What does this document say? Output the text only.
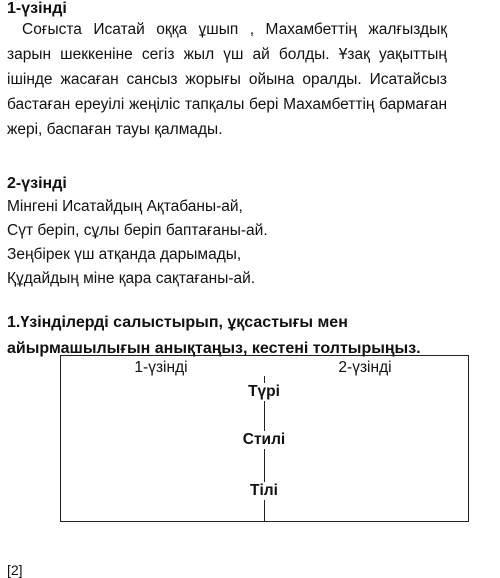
1-үзінді

Соғыста Исатай оққа ұшып , Махамбеттің жалғыздық зарын шеккеніне сегіз жыл үш ай болды. Ұзақ уақыттың ішінде жасаған сансыз жорығы ойына оралды. Исатайсыз бастаған ереуілі жеңіліс тапқалы бері Махамбеттің бармаған жері, баспаған тауы қалмады.

2-үзінді
Мінгені Исатайдың Ақтабаны-ай,
Сүт беріп, сұлы беріп баптағаны-ай.
Зеңбірек үш атқанда дарымады,
Құдайдың міне қара сақтағаны-ай.
1.Үзінділерді салыстырып, ұқсастығы мен айырмашылығын анықтаңыз, кестені толтырыңыз.
1-үзінді	2-үзінді
Түрі
Стилі
Тілі
[2]
